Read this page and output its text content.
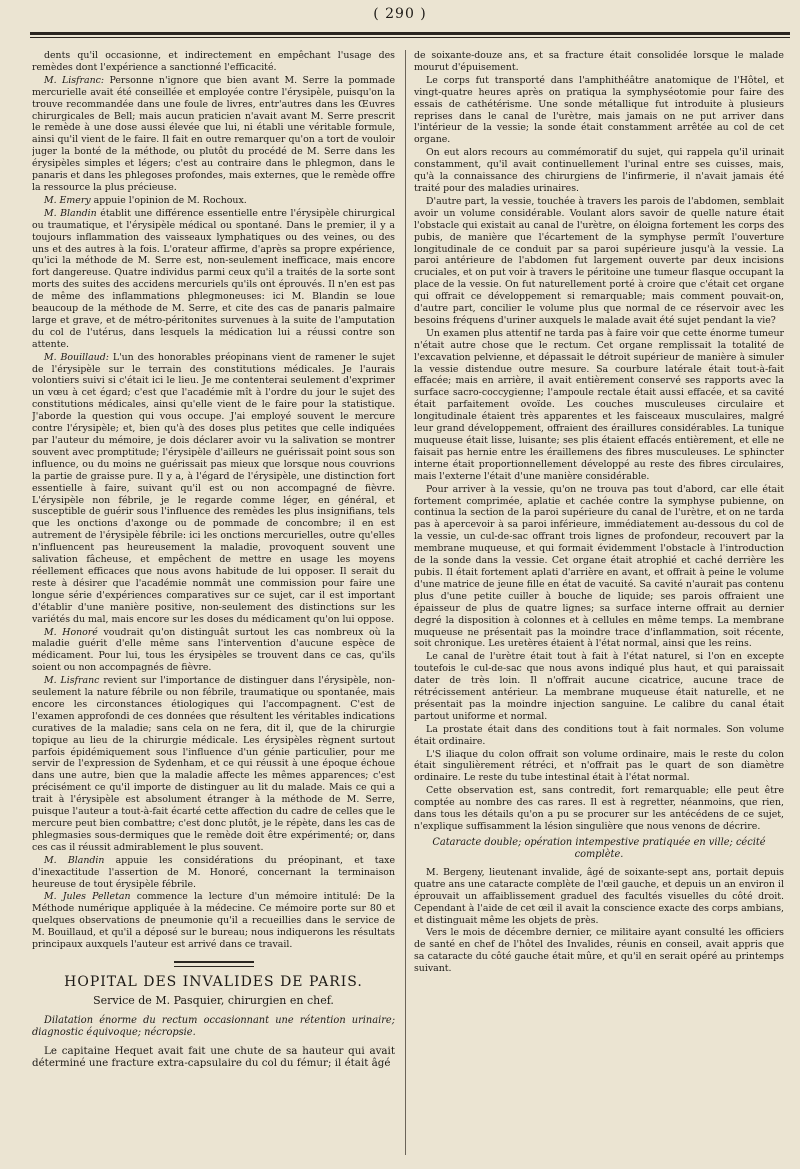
( 290 )

dents qu'il occasionne, et indirectement en empêchant l'usage des remèdes dont l'expérience a sanctionné l'efficacité.

M. Lisfranc: Personne n'ignore que bien avant M. Serre la pommade mercurielle avait été conseillée et employée contre l'érysipèle, puisqu'on la trouve recommandée dans une foule de livres, entr'autres dans les Œuvres chirurgicales de Bell; mais aucun praticien n'avait avant M. Serre prescrit le remède à une dose aussi élevée que lui, ni établi une véritable formule, ainsi qu'il vient de le faire. Il fait en outre remarquer qu'on a tort de vouloir juger la bonté de la méthode, ou plutôt du procédé de M. Serre dans les érysipèles simples et légers; c'est au contraire dans le phlegmon, dans le panaris et dans les phlegoses profondes, mais externes, que le remède offre la ressource la plus précieuse.

M. Emery appuie l'opinion de M. Rochoux.

M. Blandin établit une différence essentielle entre l'érysipèle chirurgical ou traumatique, et l'érysipèle médical ou spontané. Dans le premier, il y a toujours inflammation des vaisseaux lymphatiques ou des veines, ou des uns et des autres à la fois. L'orateur affirme, d'après sa propre expérience, qu'ici la méthode de M. Serre est, non-seulement inefficace, mais encore fort dangereuse. Quatre individus parmi ceux qu'il a traités de la sorte sont morts des suites des accidens mercuriels qu'ils ont éprouvés. Il n'en est pas de même des inflammations phlegmoneuses: ici M. Blandin se loue beaucoup de la méthode de M. Serre, et cite des cas de panaris palmaire large et grave, et de métro-péritonites survenues à la suite de l'amputation du col de l'utérus, dans lesquels la médication lui a réussi contre son attente.

M. Bouillaud: L'un des honorables préopinans vient de ramener le sujet de l'érysipèle sur le terrain des constitutions médicales. Je l'aurais volontiers suivi si c'était ici le lieu. Je me contenterai seulement d'exprimer un vœu à cet égard; c'est que l'académie mît à l'ordre du jour le sujet des constitutions médicales, ainsi qu'elle vient de le faire pour la statistique. J'aborde la question qui vous occupe. J'ai employé souvent le mercure contre l'érysipèle; et, bien qu'à des doses plus petites que celle indiquées par l'auteur du mémoire, je dois déclarer avoir vu la salivation se montrer souvent avec promptitude; l'érysipèle d'ailleurs ne guérissait point sous son influence, ou du moins ne guérissait pas mieux que lorsque nous couvrions la partie de graisse pure. Il y a, à l'égard de l'érysipèle, une distinction fort essentielle à faire, suivant qu'il est ou non accompagné de fièvre. L'érysipèle non fébrile, je le regarde comme léger, en général, et susceptible de guérir sous l'influence des remèdes les plus insignifians, tels que les onctions d'axonge ou de pommade de concombre; il en est autrement de l'érysipèle fébrile: ici les onctions mercurielles, outre qu'elles n'influencent pas heureusement la maladie, provoquent souvent une salivation fâcheuse, et empêchent de mettre en usage les moyens réellement efficaces que nous avons habitude de lui opposer. Il serait du reste à désirer que l'académie nommât une commission pour faire une longue série d'expériences comparatives sur ce sujet, car il est important d'établir d'une manière positive, non-seulement des distinctions sur les variétés du mal, mais encore sur les doses du médicament qu'on lui oppose.

M. Honoré voudrait qu'on distinguât surtout les cas nombreux où la maladie guérit d'elle même sans l'intervention d'aucune espèce de médicament. Pour lui, tous les érysipèles se trouvent dans ce cas, qu'ils soient ou non accompagnés de fièvre.

M. Lisfranc revient sur l'importance de distinguer dans l'érysipèle, non-seulement la nature fébrile ou non fébrile, traumatique ou spontanée, mais encore les circonstances étiologiques qui l'accompagnent. C'est de l'examen approfondi de ces données que résultent les véritables indications curatives de la maladie; sans cela on ne fera, dit il, que de la chirurgie topique au lieu de la chirurgie médicale. Les érysipèles règnent surtout parfois épidémiquement sous l'influence d'un génie particulier, pour me servir de l'expression de Sydenham, et ce qui réussit à une époque échoue dans une autre, bien que la maladie affecte les mêmes apparences; c'est précisément ce qu'il importe de distinguer au lit du malade. Mais ce qui a trait à l'érysipèle est absolument étranger à la méthode de M. Serre, puisque l'auteur a tout-à-fait écarté cette affection du cadre de celles que le mercure peut bien combattre; c'est donc plutôt, je le répète, dans les cas de phlegmasies sous-dermiques que le remède doit être expérimenté; or, dans ces cas il réussit admirablement le plus souvent.

M. Blandin appuie les considérations du préopinant, et taxe d'inexactitude l'assertion de M. Honoré, concernant la terminaison heureuse de tout érysipèle fébrile.

M. Jules Pelletan commence la lecture d'un mémoire intitulé: De la Méthode numérique appliquée à la médecine. Ce mémoire porte sur 80 et quelques observations de pneumonie qu'il a recueillies dans le service de M. Bouillaud, et qu'il a déposé sur le bureau; nous indiquerons les résultats principaux auxquels l'auteur est arrivé dans ce travail.

HOPITAL DES INVALIDES DE PARIS.
Service de M. Pasquier, chirurgien en chef.
Dilatation énorme du rectum occasionnant une rétention urinaire; diagnostic équivoque; nécropsie.

Le capitaine Hequet avait fait une chute de sa hauteur qui avait déterminé une fracture extra-capsulaire du col du fémur; il était âgé

de soixante-douze ans, et sa fracture était consolidée lorsque le malade mourut d'épuisement.

Le corps fut transporté dans l'amphithéâtre anatomique de l'Hôtel, et vingt-quatre heures après on pratiqua la symphyséotomie pour faire des essais de cathétérisme. Une sonde métallique fut introduite à plusieurs reprises dans le canal de l'urètre, mais jamais on ne put arriver dans l'intérieur de la vessie; la sonde était constamment arrêtée au col de cet organe.

On eut alors recours au commémoratif du sujet, qui rappela qu'il urinait constamment, qu'il avait continuellement l'urinal entre ses cuisses, mais, qu'à la connaissance des chirurgiens de l'infirmerie, il n'avait jamais été traité pour des maladies urinaires.

D'autre part, la vessie, touchée à travers les parois de l'abdomen, semblait avoir un volume considérable. Voulant alors savoir de quelle nature était l'obstacle qui existait au canal de l'urètre, on éloigna fortement les corps des pubis, de manière que l'écartement de la symphyse permît l'ouverture longitudinale de ce conduit par sa paroi supérieure jusqu'à la vessie. La paroi antérieure de l'abdomen fut largement ouverte par deux incisions cruciales, et on put voir à travers le péritoine une tumeur flasque occupant la place de la vessie. On fut naturellement porté à croire que c'était cet organe qui offrait ce développement si remarquable; mais comment pouvait-on, d'autre part, concilier le volume plus que normal de ce réservoir avec les besoins fréquens d'uriner auxquels le malade avait été sujet pendant la vie?

Un examen plus attentif ne tarda pas à faire voir que cette énorme tumeur n'était autre chose que le rectum. Cet organe remplissait la totalité de l'excavation pelvienne, et dépassait le détroit supérieur de manière à simuler la vessie distendue outre mesure. Sa courbure latérale était tout-à-fait effacée; mais en arrière, il avait entièrement conservé ses rapports avec la surface sacro-coccygienne; l'ampoule rectale était aussi effacée, et sa cavité était parfaitement ovoïde. Les couches musculeuses circulaire et longitudinale étaient très apparentes et les faisceaux musculaires, malgré leur grand développement, offraient des éraillures considérables. La tunique muqueuse était lisse, luisante; ses plis étaient effacés entièrement, et elle ne faisait pas hernie entre les éraillemens des fibres musculeuses. Le sphincter interne était proportionnellement développé au reste des fibres circulaires, mais l'externe l'était d'une manière considérable.

Pour arriver à la vessie, qu'on ne trouva pas tout d'abord, car elle était fortement comprimée, aplatie et cachée contre la symphyse pubienne, on continua la section de la paroi supérieure du canal de l'urètre, et on ne tarda pas à apercevoir à sa paroi inférieure, immédiatement au-dessous du col de la vessie, un cul-de-sac offrant trois lignes de profondeur, recouvert par la membrane muqueuse, et qui formait évidemment l'obstacle à l'introduction de la sonde dans la vessie. Cet organe était atrophié et caché derrière les pubis. Il était fortement aplati d'arrière en avant, et offrait à peine le volume d'une matrice de jeune fille en état de vacuité. Sa cavité n'aurait pas contenu plus d'une petite cuiller à bouche de liquide; ses parois offraient une épaisseur de plus de quatre lignes; sa surface interne offrait au dernier degré la disposition à colonnes et à cellules en même temps. La membrane muqueuse ne présentait pas la moindre trace d'inflammation, soit récente, soit chronique. Les uretères étaient à l'état normal, ainsi que les reins.

Le canal de l'urètre était tout à fait à l'état naturel, si l'on en excepte toutefois le cul-de-sac que nous avons indiqué plus haut, et qui paraissait dater de très loin. Il n'offrait aucune cicatrice, aucune trace de rétrécissement antérieur. La membrane muqueuse était naturelle, et ne présentait pas la moindre injection sanguine. Le calibre du canal était partout uniforme et normal.

La prostate était dans des conditions tout à fait normales. Son volume était ordinaire.

L'S iliaque du colon offrait son volume ordinaire, mais le reste du colon était singulièrement rétréci, et n'offrait pas le quart de son diamètre ordinaire. Le reste du tube intestinal était à l'état normal.

Cette observation est, sans contredit, fort remarquable; elle peut être comptée au nombre des cas rares. Il est à regretter, néanmoins, que rien, dans tous les détails qu'on a pu se procurer sur les antécédens de ce sujet, n'explique suffisamment la lésion singulière que nous venons de décrire.

Cataracte double; opération intempestive pratiquée en ville; cécité complète.

M. Bergeny, lieutenant invalide, âgé de soixante-sept ans, portait depuis quatre ans une cataracte complète de l'œil gauche, et depuis un an environ il éprouvait un affaiblissement graduel des facultés visuelles du côté droit. Cependant à l'aide de cet œil il avait la conscience exacte des corps ambians, et distinguait même les objets de près.

Vers le mois de décembre dernier, ce militaire ayant consulté les officiers de santé en chef de l'hôtel des Invalides, réunis en conseil, avait appris que sa cataracte du côté gauche était mûre, et qu'il en serait opéré au printemps suivant.
